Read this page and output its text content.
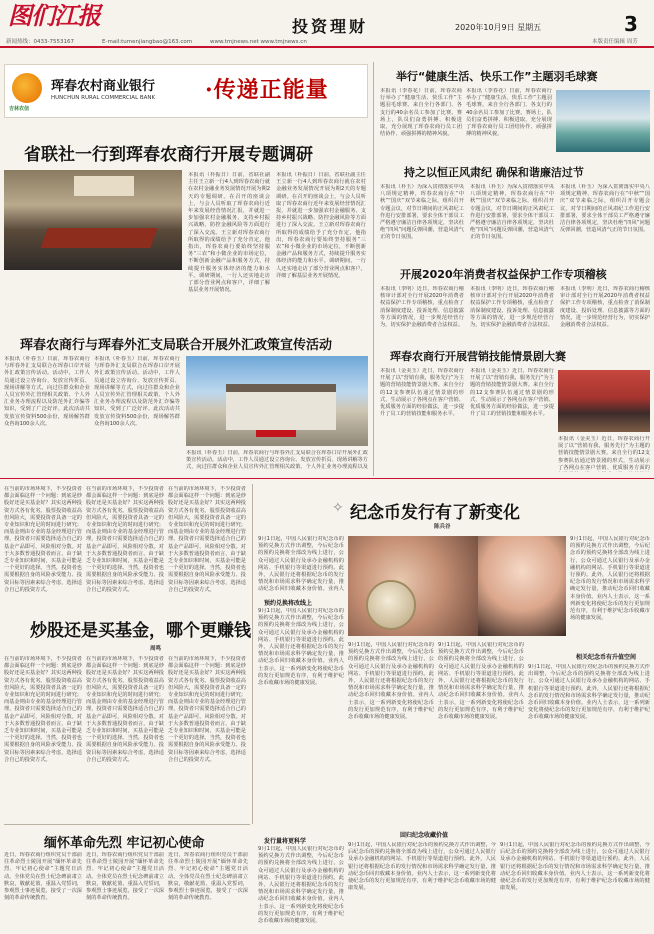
图们江报	投资理财	2020年10月9日 星期五	3
新闻热线：0433-7553167	E-mail:tumenjiangbao@163.com	www.tmjnews.net www.tmjnews.cn	本版责任编辑 周芳
吉林农信
珲春农村商业银行
HUNCHUN RURAL COMMERCIAL BANK ·传递正能量
省联社一行到珲春农商行开展专题调研
本报讯（朴振日）日前，省联社副主任王立新一行4人到珲春农商行就在农村金融业务发展情况开展为期2天的专题调研。在召开的座谈会上，与会人员听取了珲春农商行近年来发展经营情况汇报，并就进一步加强农村金融服务、支持乡村振兴战略、防控金融风险等方面进行了深入交流。王立新对珲春农商行所取得的成绩给予了充分肯定，他指出，珲春农商行要始终坚持服务“三农”和小微企业的市场定位，不断创新金融产品和服务方式，持续提升服务实体经济的能力和水平。调研期间，一行人还实地走访了部分营业网点和客户，详细了解基层业务开展情况。
本报讯（朴振日）日前，省联社副主任王立新一行4人到珲春农商行就在农村金融业务发展情况开展为期2天的专题调研。在召开的座谈会上，与会人员听取了珲春农商行近年来发展经营情况汇报，并就进一步加强农村金融服务、支持乡村振兴战略、防控金融风险等方面进行了深入交流。王立新对珲春农商行所取得的成绩给予了充分肯定，他指出，珲春农商行要始终坚持服务“三农”和小微企业的市场定位，不断创新金融产品和服务方式，持续提升服务实体经济的能力和水平。调研期间，一行人还实地走访了部分营业网点和客户，详细了解基层业务开展情况。
珲春农商行与珲春外汇支局联合开展外汇政策宣传活动
本报讯（朴春玉）日前，珲春农商行与珲春外汇支局联合在珲春口岸开展外汇政策宣传活动。活动中，工作人员通过设立咨询台、发放宣传折页、现场讲解等方式，向过往群众和企业人员宣传外汇管理相关政策、个人外汇业务办理流程以及防范外汇诈骗等知识，受到了广泛好评。此次活动共发放宣传资料500余份，现场解答群众咨询100余人次。
本报讯（朴春玉）日前，珲春农商行与珲春外汇支局联合在珲春口岸开展外汇政策宣传活动。活动中，工作人员通过设立咨询台、发放宣传折页、现场讲解等方式，向过往群众和企业人员宣传外汇管理相关政策、个人外汇业务办理流程以及防范外汇诈骗等知识，受到了广泛好评。此次活动共发放宣传资料500余份，现场解答群众咨询100余人次。
本报讯（朴春玉）日前，珲春农商行与珲春外汇支局联合在珲春口岸开展外汇政策宣传活动。活动中，工作人员通过设立咨询台、发放宣传折页、现场讲解等方式，向过往群众和企业人员宣传外汇管理相关政策、个人外汇业务办理流程以及
举行“健康生活、快乐工作”主题羽毛球赛
本报讯（李春花）日前，珲春农商行举办了“健康生活、快乐工作”主题羽毛球赛。来自全行各部门、各支行的40余名员工参加了比赛。赛场上，队员们奋勇拼搏、积极进取，充分展现了珲春农商行员工团结协作、顽强拼搏的精神风貌。
本报讯（李春花）日前，珲春农商行举办了“健康生活、快乐工作”主题羽毛球赛。来自全行各部门、各支行的40余名员工参加了比赛。赛场上，队员们奋勇拼搏、积极进取，充分展现了珲春农商行员工团结协作、顽强拼搏的精神风貌。
持之以恒正风肃纪 确保和谐廉洁过节
本报讯（朴玉）为深入贯彻落实中央八项规定精神，珲春农商行在“中秋”“国庆”双节来临之际，组织召开专题会议，对节日期间的正风肃纪工作进行安排部署，要求全体干部员工严格遵守廉洁自律各项规定，坚决杜绝“四风”问题反弹回潮，营造风清气正的节日氛围。
本报讯（朴玉）为深入贯彻落实中央八项规定精神，珲春农商行在“中秋”“国庆”双节来临之际，组织召开专题会议，对节日期间的正风肃纪工作进行安排部署，要求全体干部员工严格遵守廉洁自律各项规定，坚决杜绝“四风”问题反弹回潮，营造风清气正的节日氛围。
本报讯（朴玉）为深入贯彻落实中央八项规定精神，珲春农商行在“中秋”“国庆”双节来临之际，组织召开专题会议，对节日期间的正风肃纪工作进行安排部署，要求全体干部员工严格遵守廉洁自律各项规定，坚决杜绝“四风”问题反弹回潮，营造风清气正的节日氛围。
开展2020年消费者权益保护工作专项稽核
本报讯（李明）近日，珲春农商行稽核审计部对全行开展2020年消费者权益保护工作专项稽核，重点检查了消保制度建设、投诉处理、信息披露等方面的情况，进一步规范经营行为，切实保护金融消费者合法权益。
本报讯（李明）近日，珲春农商行稽核审计部对全行开展2020年消费者权益保护工作专项稽核，重点检查了消保制度建设、投诉处理、信息披露等方面的情况，进一步规范经营行为，切实保护金融消费者合法权益。
本报讯（李明）近日，珲春农商行稽核审计部对全行开展2020年消费者权益保护工作专项稽核，重点检查了消保制度建设、投诉处理、信息披露等方面的情况，进一步规范经营行为，切实保护金融消费者合法权益。
珲春农商行开展营销技能情景剧大赛
本报讯（金美玉）近日，珲春农商行开展了以“营销有我，服务先行”为主题的营销技能情景剧大赛。来自全行的12支参赛队伍通过情景剧的形式，生动展示了各网点在客户营销、优质服务方面的经验做法，进一步提升了员工的营销技能和服务水平。
本报讯（金美玉）近日，珲春农商行开展了以“营销有我，服务先行”为主题的营销技能情景剧大赛。来自全行的12支参赛队伍通过情景剧的形式，生动展示了各网点在客户营销、优质服务方面的经验做法，进一步提升了员工的营销技能和服务水平。
本报讯（金美玉）近日，珲春农商行开展了以“营销有我，服务先行”为主题的营销技能情景剧大赛。来自全行的12支参赛队伍通过情景剧的形式，生动展示了各网点在客户营销、优质服务方面的
在当前的市场环境下，不少投资者都会面临这样一个问题：到底是炒股好还是买基金好？其实这两种投资方式各有优劣。股票投资收益高但风险大，需要投资者具备一定的专业知识和充足的时间进行研究；而基金则由专业的基金经理进行管理，投资者只需要选择适合自己的基金产品即可，风险相对分散。对于大多数普通投资者而言，由于缺乏专业知识和时间，买基金可能是一个更好的选择。当然，投资者也需要根据自身的风险承受能力、投资目标等因素来综合考虑，选择适合自己的投资方式。
在当前的市场环境下，不少投资者都会面临这样一个问题：到底是炒股好还是买基金好？其实这两种投资方式各有优劣。股票投资收益高但风险大，需要投资者具备一定的专业知识和充足的时间进行研究；而基金则由专业的基金经理进行管理，投资者只需要选择适合自己的基金产品即可，风险相对分散。对于大多数普通投资者而言，由于缺乏专业知识和时间，买基金可能是一个更好的选择。当然，投资者也需要根据自身的风险承受能力、投资目标等因素来综合考虑，选择适合自己的投资方式。
在当前的市场环境下，不少投资者都会面临这样一个问题：到底是炒股好还是买基金好？其实这两种投资方式各有优劣。股票投资收益高但风险大，需要投资者具备一定的专业知识和充足的时间进行研究；而基金则由专业的基金经理进行管理，投资者只需要选择适合自己的基金产品即可，风险相对分散。对于大多数普通投资者而言，由于缺乏专业知识和时间，买基金可能是一个更好的选择。当然，投资者也需要根据自身的风险承受能力、投资目标等因素来综合考虑，选择适合自己的投资方式。
炒股还是买基金，哪个更赚钱
周鸣
在当前的市场环境下，不少投资者都会面临这样一个问题：到底是炒股好还是买基金好？其实这两种投资方式各有优劣。股票投资收益高但风险大，需要投资者具备一定的专业知识和充足的时间进行研究；而基金则由专业的基金经理进行管理，投资者只需要选择适合自己的基金产品即可，风险相对分散。对于大多数普通投资者而言，由于缺乏专业知识和时间，买基金可能是一个更好的选择。当然，投资者也需要根据自身的风险承受能力、投资目标等因素来综合考虑，选择适合自己的投资方式。
在当前的市场环境下，不少投资者都会面临这样一个问题：到底是炒股好还是买基金好？其实这两种投资方式各有优劣。股票投资收益高但风险大，需要投资者具备一定的专业知识和充足的时间进行研究；而基金则由专业的基金经理进行管理，投资者只需要选择适合自己的基金产品即可，风险相对分散。对于大多数普通投资者而言，由于缺乏专业知识和时间，买基金可能是一个更好的选择。当然，投资者也需要根据自身的风险承受能力、投资目标等因素来综合考虑，选择适合自己的投资方式。
在当前的市场环境下，不少投资者都会面临这样一个问题：到底是炒股好还是买基金好？其实这两种投资方式各有优劣。股票投资收益高但风险大，需要投资者具备一定的专业知识和充足的时间进行研究；而基金则由专业的基金经理进行管理，投资者只需要选择适合自己的基金产品即可，风险相对分散。对于大多数普通投资者而言，由于缺乏专业知识和时间，买基金可能是一个更好的选择。当然，投资者也需要根据自身的风险承受能力、投资目标等因素来综合考虑，选择适合自己的投资方式。
✧ 纪念币发行有了新变化
陈兵谷
9月1日起，中国人民银行对纪念币的预约兑换方式作出调整，今后纪念币的预约兑换将全部改为线上进行，公众可通过人民银行及承办金融机构的网站、手机银行等渠道进行预约。此外，人民银行还将根据纪念币的发行情况和市场需求科学确定发行量，推动纪念币回归收藏本身价值。业内人
9月1日起，中国人民银行对纪念币的预约兑换方式作出调整，今后纪念币的预约兑换将全部改为线上进行，公众可通过人民银行及承办金融机构的网站、手机银行等渠道进行预约。此外，人民银行还将根据纪念币的发行情况和市场需求科学确定发行量，推动纪念币回归收藏本身价值。业内人士表示，这一系列新变化将使纪念币的发行更加规范有序，有利于维护纪念币收藏市场的健康发展。
预约兑换将改线上
9月1日起，中国人民银行对纪念币的预约兑换方式作出调整，今后纪念币的预约兑换将全部改为线上进行，公众可通过人民银行及承办金融机构的网站、手机银行等渠道进行预约。此外，人民银行还将根据纪念币的发行情况和市场需求科学确定发行量，推动纪念币回归收藏本身价值。业内人士表示，这一系列新变化将使纪念币的发行更加规范有序，有利于维护纪念币收藏市场的健康发展。
9月1日起，中国人民银行对纪念币的预约兑换方式作出调整，今后纪念币的预约兑换将全部改为线上进行，公众可通过人民银行及承办金融机构的网站、手机银行等渠道进行预约。此外，人民银行还将根据纪念币的发行情况和市场需求科学确定发行量，推动纪念币回归收藏本身价值。业内人士表示，这一系列新变化将使纪念币的发行更加规范有序，有利于维护纪念币收藏市场的健康发展。
9月1日起，中国人民银行对纪念币的预约兑换方式作出调整，今后纪念币的预约兑换将全部改为线上进行，公众可通过人民银行及承办金融机构的网站、手机银行等渠道进行预约。此外，人民银行还将根据纪念币的发行情况和市场需求科学确定发行量，推动纪念币回归收藏本身价值。业内人士表示，这一系列新变化将使纪念币的发行更加规范有序，有利于维护纪念币收藏市场的健康发展。
相关纪念币有升值空间
9月1日起，中国人民银行对纪念币的预约兑换方式作出调整，今后纪念币的预约兑换将全部改为线上进行，公众可通过人民银行及承办金融机构的网站、手机银行等渠道进行预约。此外，人民银行还将根据纪念币的发行情况和市场需求科学确定发行量，推动纪念币回归收藏本身价值。业内人士表示，这一系列新变化将使纪念币的发行更加规范有序，有利于维护纪念币收藏市场的健康发展。
发行量将更科学
回归纪念收藏价值
9月1日起，中国人民银行对纪念币的预约兑换方式作出调整，今后纪念币的预约兑换将全部改为线上进行，公众可通过人民银行及承办金融机构的网站、手机银行等渠道进行预约。此外，人民银行还将根据纪念币的发行情况和市场需求科学确定发行量，推动纪念币回归收藏本身价值。业内人士表示，这一系列新变化将使纪念币的发行更加规范有序，有利于维护纪念币收藏市场的健康发展。
9月1日起，中国人民银行对纪念币的预约兑换方式作出调整，今后纪念币的预约兑换将全部改为线上进行，公众可通过人民银行及承办金融机构的网站、手机银行等渠道进行预约。此外，人民银行还将根据纪念币的发行情况和市场需求科学确定发行量，推动纪念币回归收藏本身价值。业内人士表示，这一系列新变化将使纪念币的发行更加规范有序，有利于维护纪念币收藏市场的健康发展。
9月1日起，中国人民银行对纪念币的预约兑换方式作出调整，今后纪念币的预约兑换将全部改为线上进行，公众可通过人民银行及承办金融机构的网站、手机银行等渠道进行预约。此外，人民银行还将根据纪念币的发行情况和市场需求科学确定发行量，推动纪念币回归收藏本身价值。业内人士表示，这一系列新变化将使纪念币的发行更加规范有序，有利于维护纪念币收藏市场的健康发展。
缅怀革命先烈 牢记初心使命
近日，珲春农商行组织党员干部前往革命烈士陵园开展“缅怀革命先烈、牢记初心使命”主题党日活动。全体党员在烈士纪念碑前肃立默哀，敬献花篮，重温入党誓词，参观烈士事迹展览，接受了一次深刻的革命传统教育。
近日，珲春农商行组织党员干部前往革命烈士陵园开展“缅怀革命先烈、牢记初心使命”主题党日活动。全体党员在烈士纪念碑前肃立默哀，敬献花篮，重温入党誓词，参观烈士事迹展览，接受了一次深刻的革命传统教育。
近日，珲春农商行组织党员干部前往革命烈士陵园开展“缅怀革命先烈、牢记初心使命”主题党日活动。全体党员在烈士纪念碑前肃立默哀，敬献花篮，重温入党誓词，参观烈士事迹展览，接受了一次深刻的革命传统教育。
